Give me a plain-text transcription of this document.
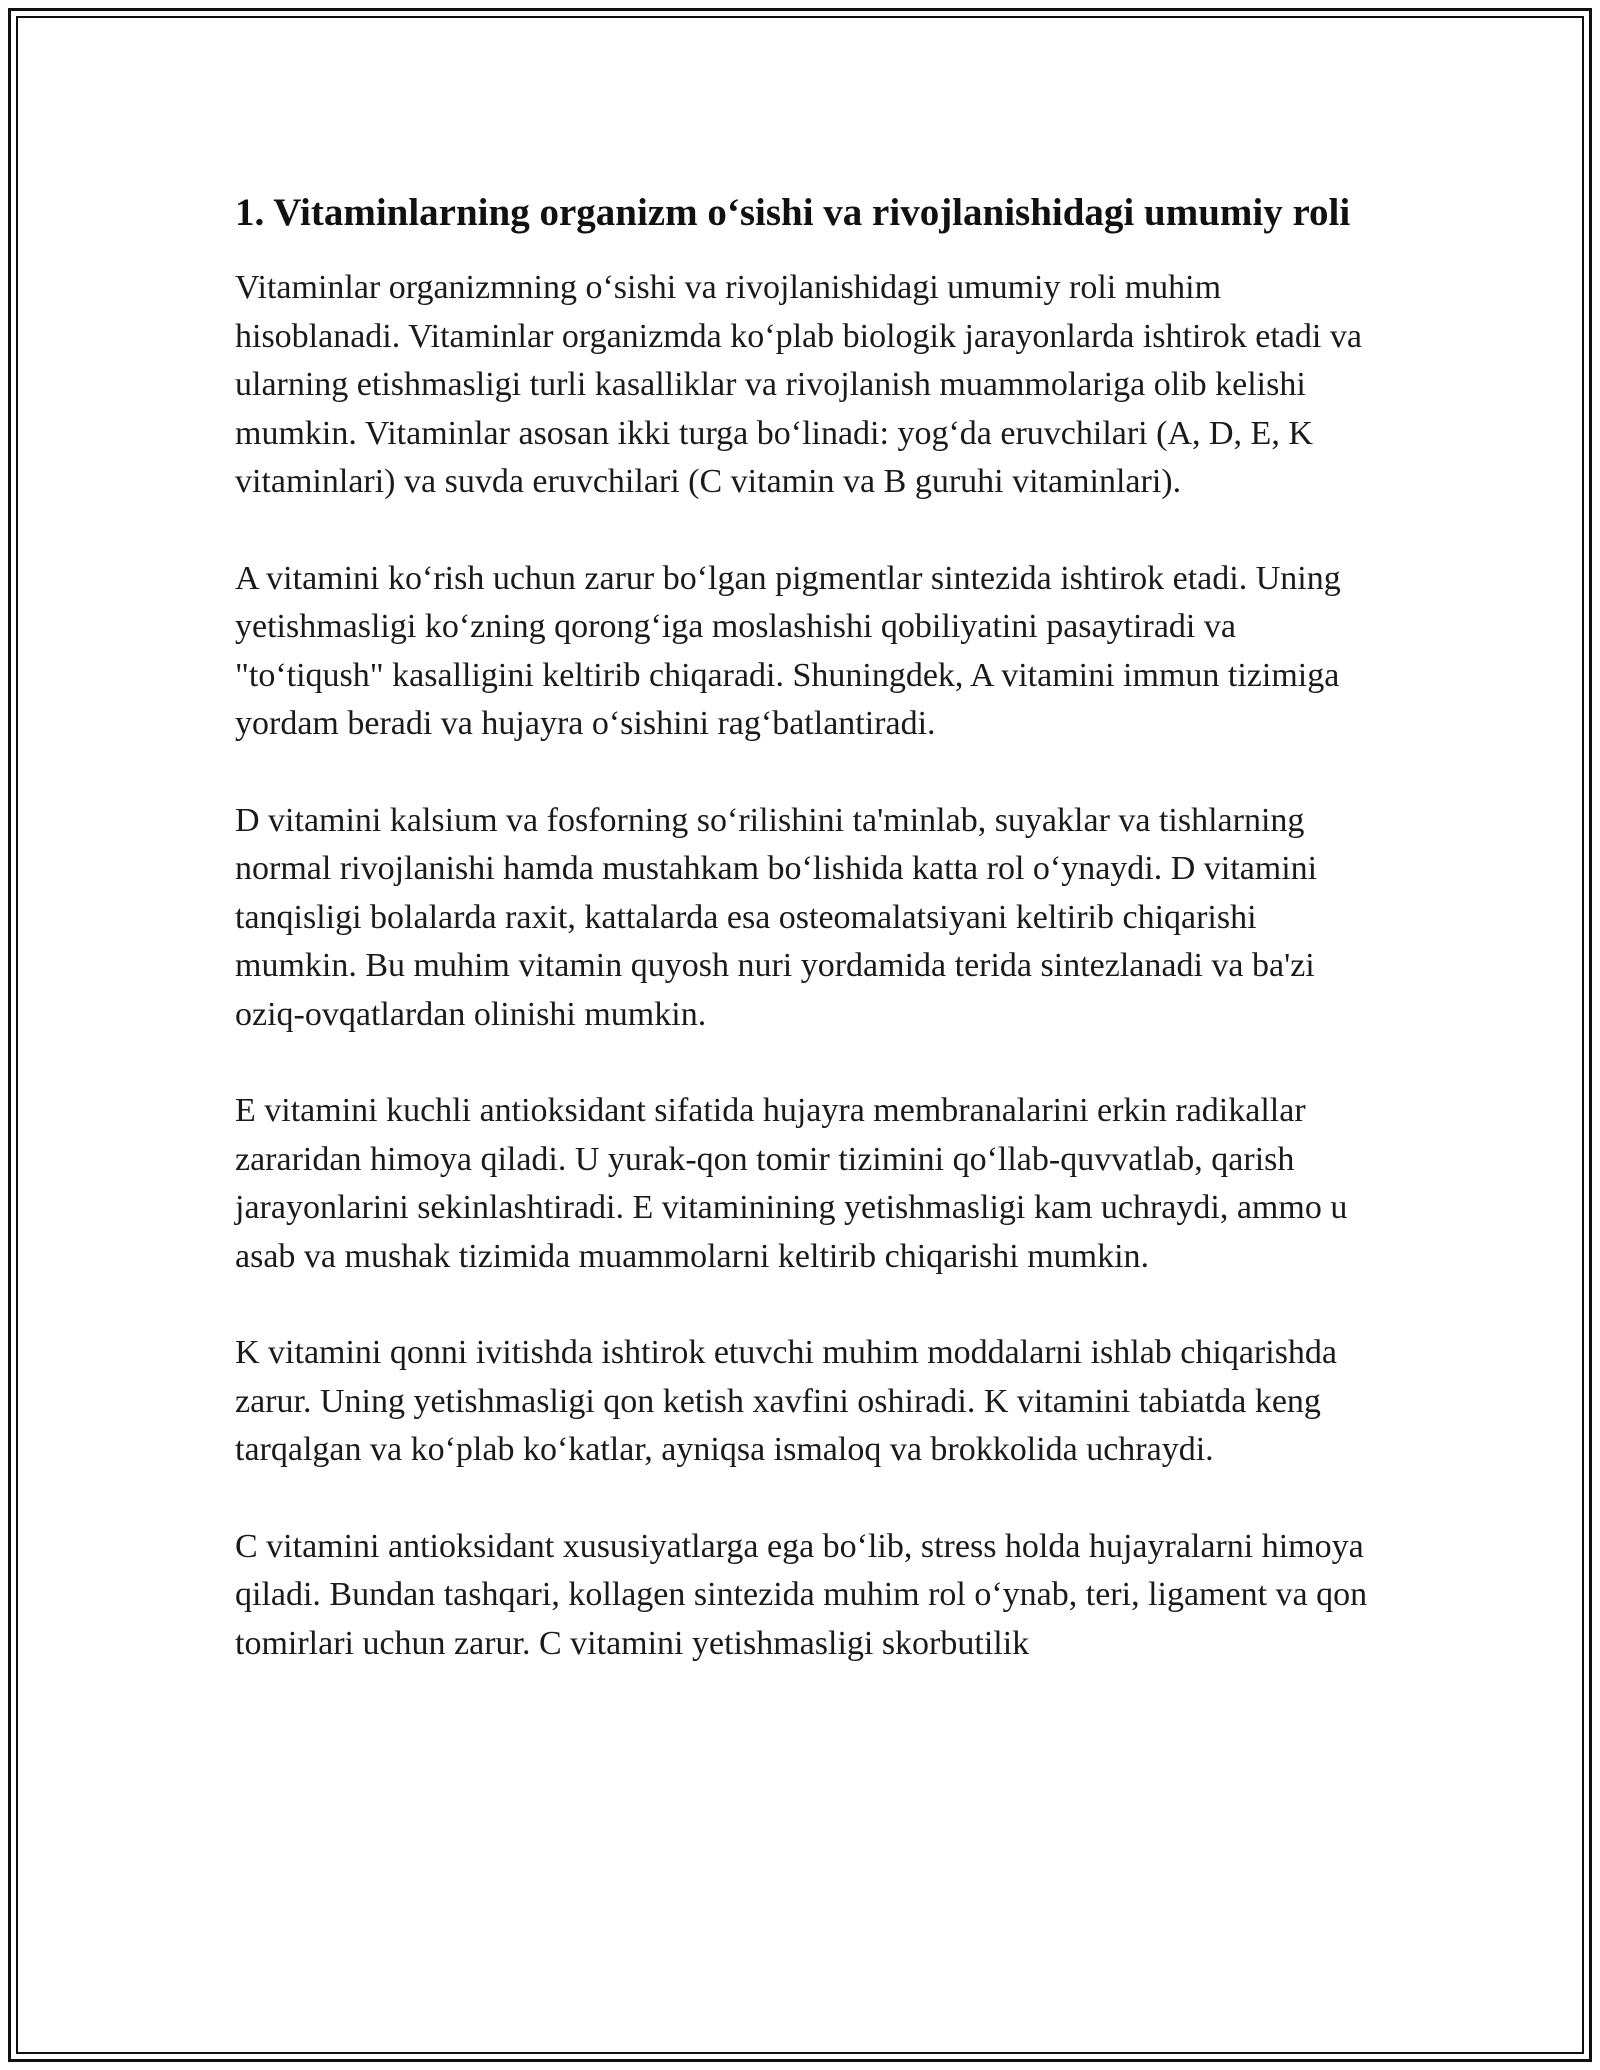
1. Vitaminlarning organizm o‘sishi va rivojlanishidagi umumiy roli

Vitaminlar organizmning o‘sishi va rivojlanishidagi umumiy roli muhim hisoblanadi. Vitaminlar organizmda ko‘plab biologik jarayonlarda ishtirok etadi va ularning etishmasligi turli kasalliklar va rivojlanish muammolariga olib kelishi mumkin. Vitaminlar asosan ikki turga bo‘linadi: yog‘da eruvchilari (A, D, E, K vitaminlari) va suvda eruvchilari (C vitamin va B guruhi vitaminlari).

A vitamini ko‘rish uchun zarur bo‘lgan pigmentlar sintezida ishtirok etadi. Uning yetishmasligi ko‘zning qorong‘iga moslashishi qobiliyatini pasaytiradi va "to‘tiqush" kasalligini keltirib chiqaradi. Shuningdek, A vitamini immun tizimiga yordam beradi va hujayra o‘sishini rag‘batlantiradi.

D vitamini kalsium va fosforning so‘rilishini ta'minlab, suyaklar va tishlarning normal rivojlanishi hamda mustahkam bo‘lishida katta rol o‘ynaydi. D vitamini tanqisligi bolalarda raxit, kattalarda esa osteomalatsiyani keltirib chiqarishi mumkin. Bu muhim vitamin quyosh nuri yordamida terida sintezlanadi va ba'zi oziq-ovqatlardan olinishi mumkin.

E vitamini kuchli antioksidant sifatida hujayra membranalarini erkin radikallar zararidan himoya qiladi. U yurak-qon tomir tizimini qo‘llab-quvvatlab, qarish jarayonlarini sekinlashtiradi. E vitaminining yetishmasligi kam uchraydi, ammo u asab va mushak tizimida muammolarni keltirib chiqarishi mumkin.

K vitamini qonni ivitishda ishtirok etuvchi muhim moddalarni ishlab chiqarishda zarur. Uning yetishmasligi qon ketish xavfini oshiradi. K vitamini tabiatda keng tarqalgan va ko‘plab ko‘katlar, ayniqsa ismaloq va brokkolida uchraydi.

C vitamini antioksidant xususiyatlarga ega bo‘lib, stress holda hujayralarni himoya qiladi. Bundan tashqari, kollagen sintezida muhim rol o‘ynab, teri, ligament va qon tomirlari uchun zarur. C vitamini yetishmasligi skorbutilik
